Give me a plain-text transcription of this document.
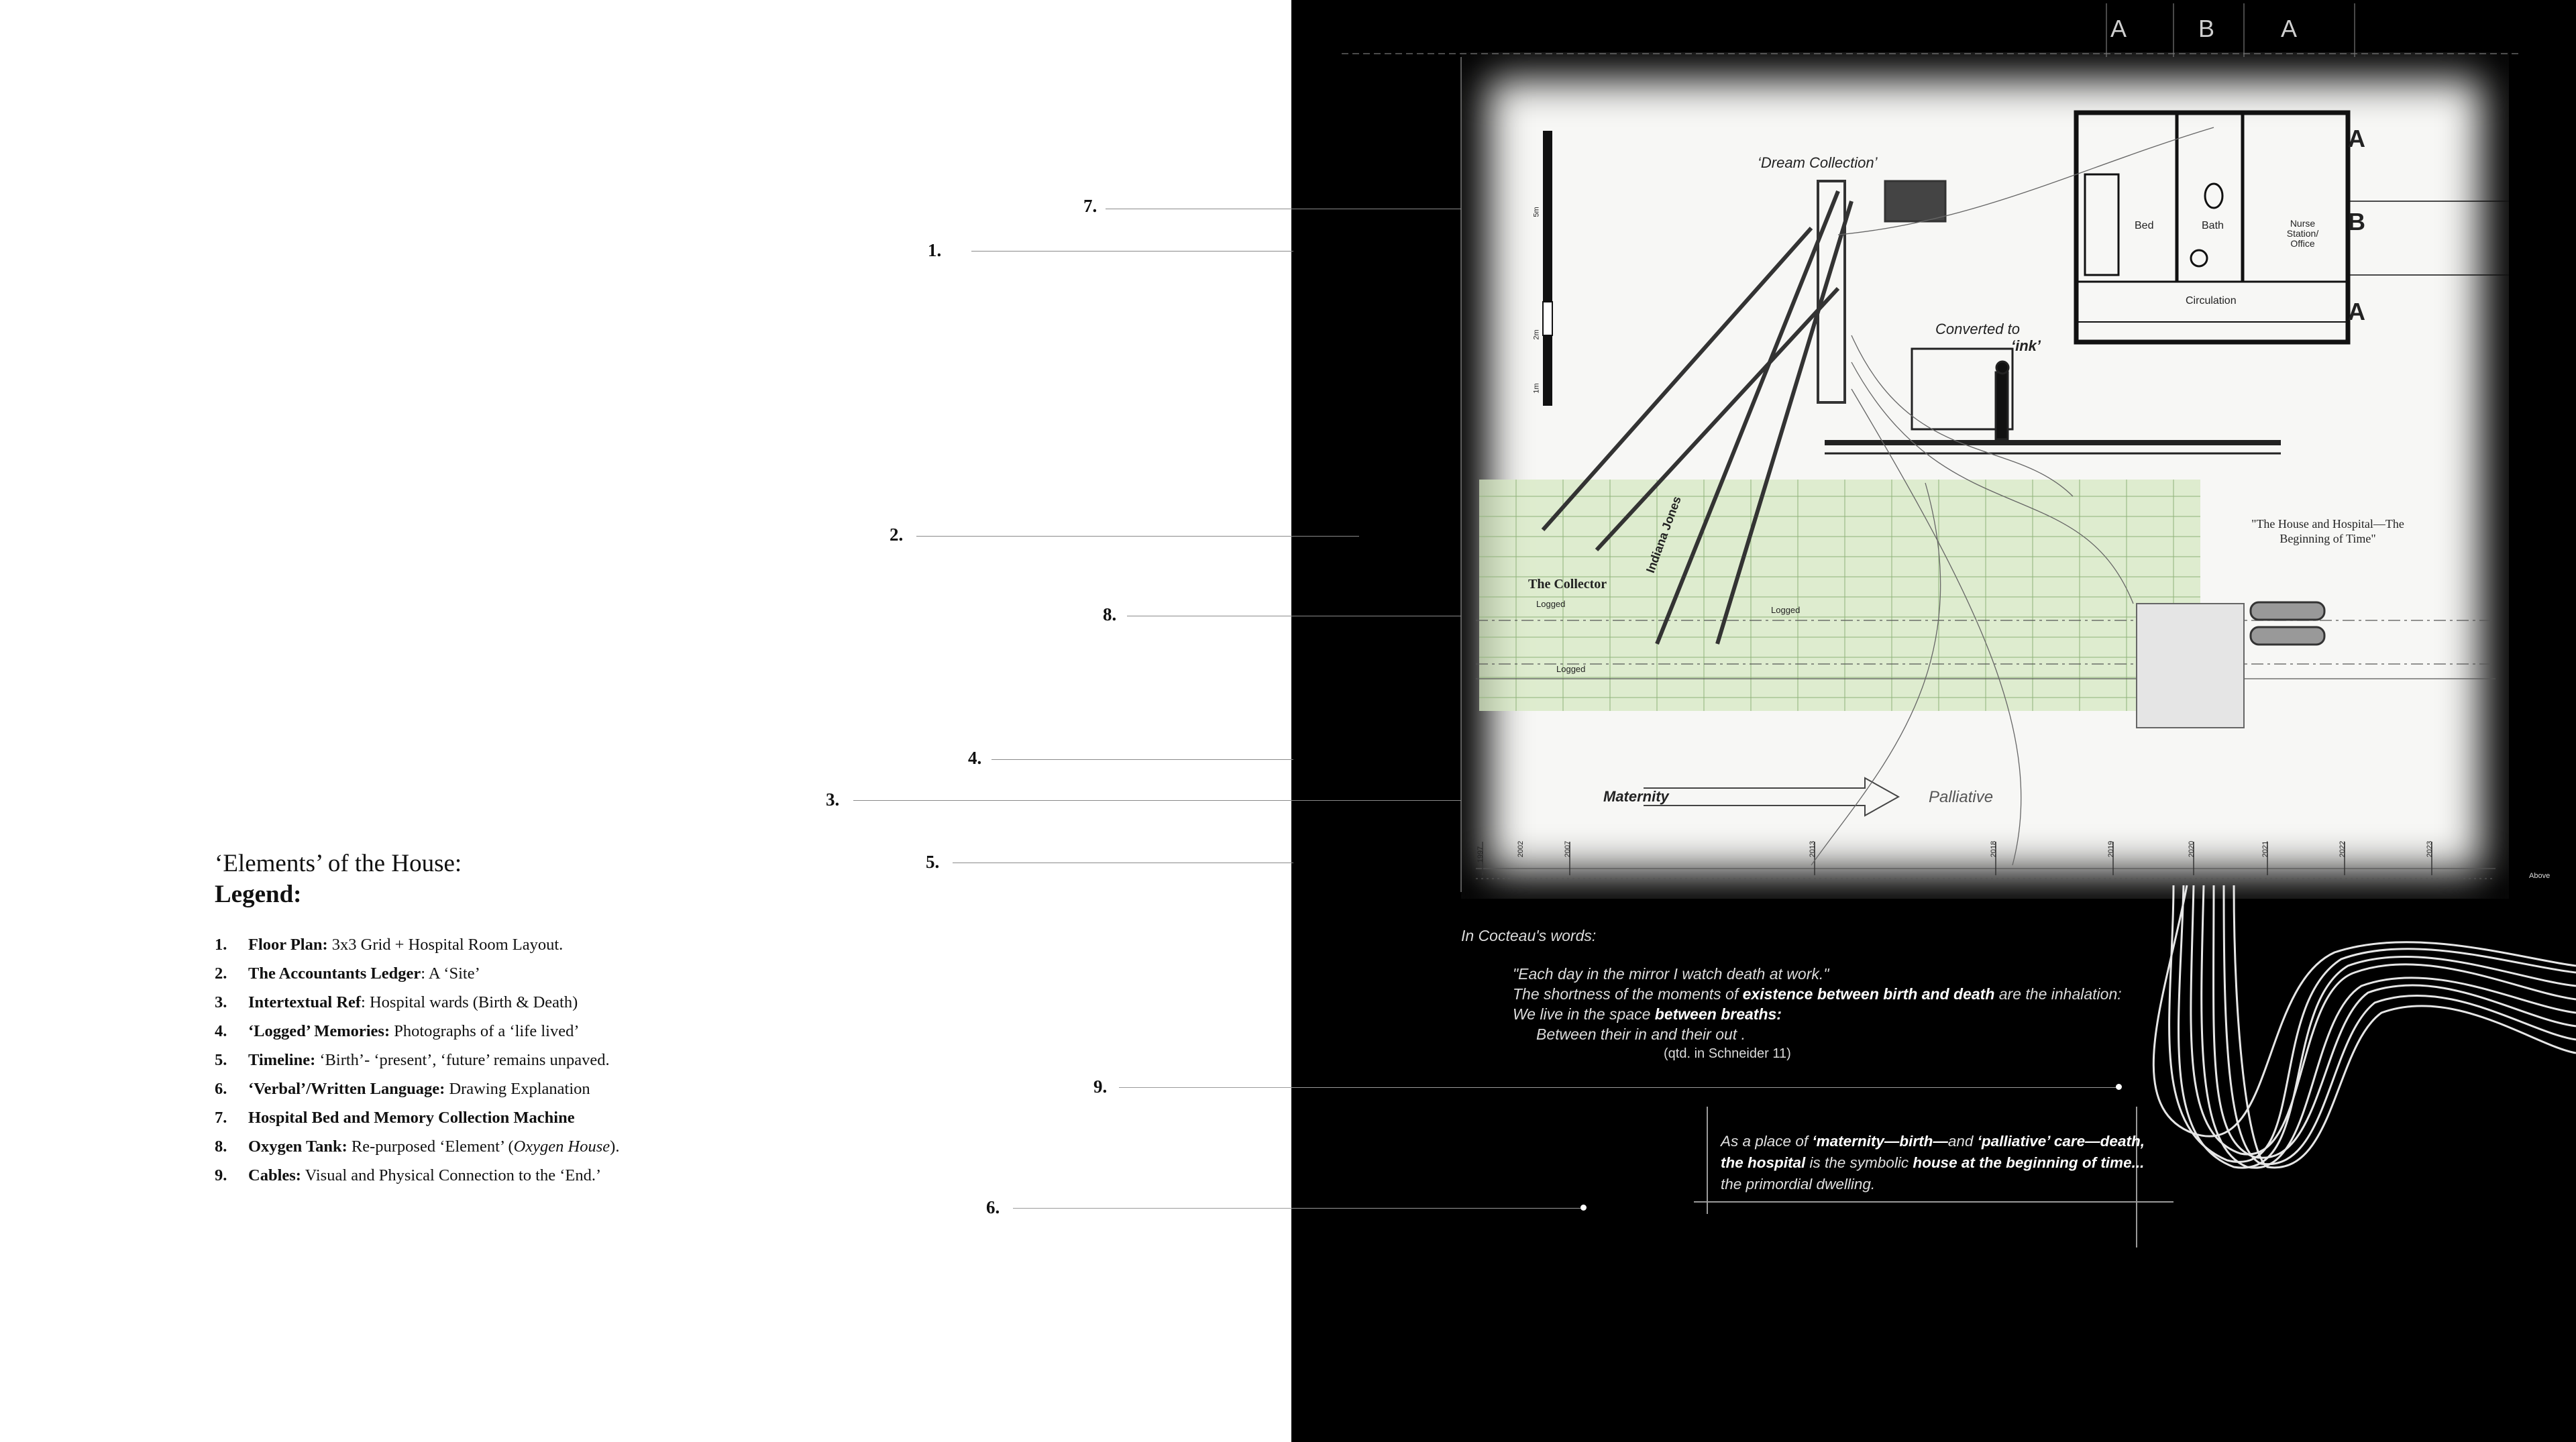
‘Elements’ of the House:
Legend:
1. Floor Plan: 3x3 Grid + Hospital Room Layout.
2. The Accountants Ledger: A ‘Site’
3. Intertextual Ref: Hospital wards (Birth & Death)
4. ‘Logged’ Memories: Photographs of a ‘life lived’
5. Timeline: ‘Birth’- ‘present’, ‘future’ remains unpaved.
6. ‘Verbal’/Written Language: Drawing Explanation
7. Hospital Bed and Memory Collection Machine
8. Oxygen Tank: Re-purposed ‘Element’ (Oxygen House).
9. Cables: Visual and Physical Connection to the ‘End.’
7.
1.
2.
8.
4.
3.
5.
9.
6.
A	B	A
‘Dream Collection’
Converted to
‘ink’
Bed	Bath	Nurse Station/ Office
Circulation
A
B
A
The Collector
Indiana Jones
Logged
Logged
Logged
"The House and Hospital—The Beginning of Time"
Maternity	Palliative
5m
2m
1m
Above
1997	2002	2007	2013	2018	2019	2020	2021	2022	2023
In Cocteau's words:
"Each day in the mirror I watch death at work."
The shortness of the moments of existence between birth and death are the inhalation:
We live in the space between breaths:
Between their in and their out .
(qtd. in Schneider 11)
As a place of ‘maternity—birth—and ‘palliative’ care—death, the hospital is the symbolic house at the beginning of time... the primordial dwelling.
